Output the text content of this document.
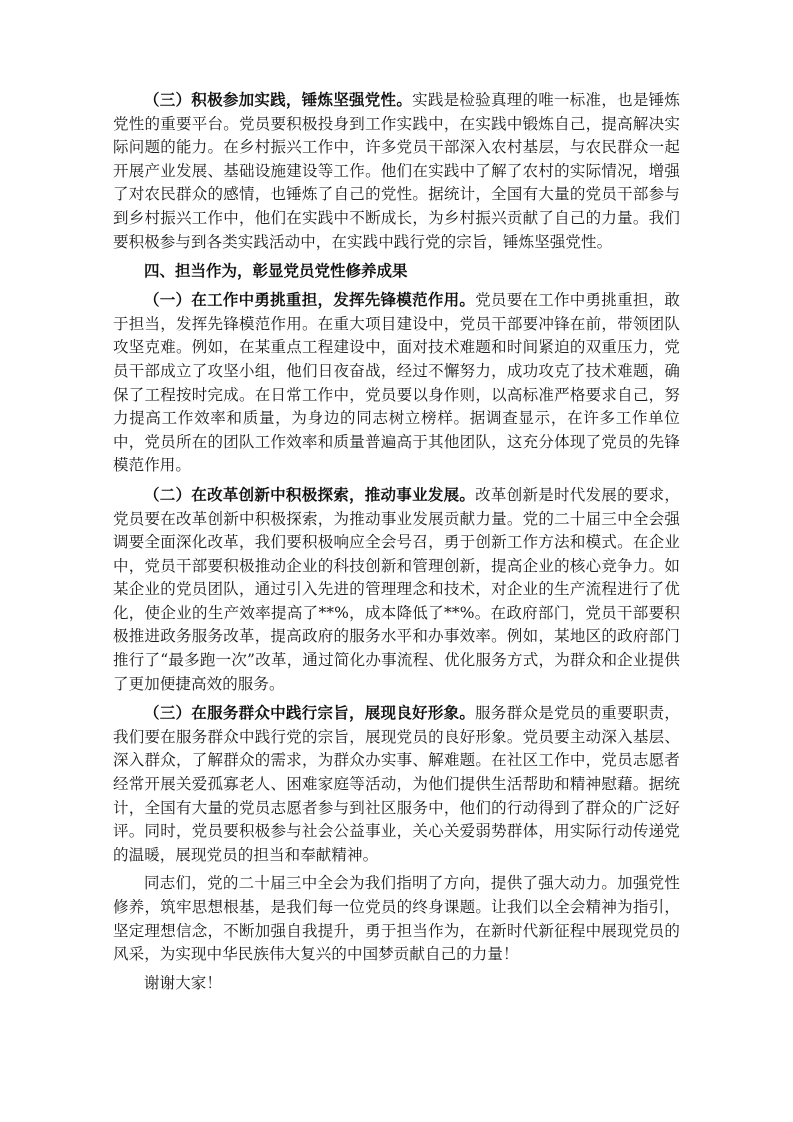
（三）积极参加实践，锤炼坚强党性。实践是检验真理的唯一标准，也是锤炼党性的重要平台。党员要积极投身到工作实践中，在实践中锻炼自己，提高解决实际问题的能力。在乡村振兴工作中，许多党员干部深入农村基层，与农民群众一起开展产业发展、基础设施建设等工作。他们在实践中了解了农村的实际情况，增强了对农民群众的感情，也锤炼了自己的党性。据统计，全国有大量的党员干部参与到乡村振兴工作中，他们在实践中不断成长，为乡村振兴贡献了自己的力量。我们要积极参与到各类实践活动中，在实践中践行党的宗旨，锤炼坚强党性。

四、担当作为，彰显党员党性修养成果

（一）在工作中勇挑重担，发挥先锋模范作用。党员要在工作中勇挑重担，敢于担当，发挥先锋模范作用。在重大项目建设中，党员干部要冲锋在前，带领团队攻坚克难。例如，在某重点工程建设中，面对技术难题和时间紧迫的双重压力，党员干部成立了攻坚小组，他们日夜奋战，经过不懈努力，成功攻克了技术难题，确保了工程按时完成。在日常工作中，党员要以身作则，以高标准严格要求自己，努力提高工作效率和质量，为身边的同志树立榜样。据调查显示，在许多工作单位中，党员所在的团队工作效率和质量普遍高于其他团队，这充分体现了党员的先锋模范作用。

（二）在改革创新中积极探索，推动事业发展。改革创新是时代发展的要求，党员要在改革创新中积极探索，为推动事业发展贡献力量。党的二十届三中全会强调要全面深化改革，我们要积极响应全会号召，勇于创新工作方法和模式。在企业中，党员干部要积极推动企业的科技创新和管理创新，提高企业的核心竞争力。如某企业的党员团队，通过引入先进的管理理念和技术，对企业的生产流程进行了优化，使企业的生产效率提高了**%，成本降低了**%。在政府部门，党员干部要积极推进政务服务改革，提高政府的服务水平和办事效率。例如，某地区的政府部门推行了“最多跑一次”改革，通过简化办事流程、优化服务方式，为群众和企业提供了更加便捷高效的服务。

（三）在服务群众中践行宗旨，展现良好形象。服务群众是党员的重要职责，我们要在服务群众中践行党的宗旨，展现党员的良好形象。党员要主动深入基层、深入群众，了解群众的需求，为群众办实事、解难题。在社区工作中，党员志愿者经常开展关爱孤寡老人、困难家庭等活动，为他们提供生活帮助和精神慰藉。据统计，全国有大量的党员志愿者参与到社区服务中，他们的行动得到了群众的广泛好评。同时，党员要积极参与社会公益事业，关心关爱弱势群体，用实际行动传递党的温暖，展现党员的担当和奉献精神。

同志们，党的二十届三中全会为我们指明了方向，提供了强大动力。加强党性修养，筑牢思想根基，是我们每一位党员的终身课题。让我们以全会精神为指引，坚定理想信念，不断加强自我提升，勇于担当作为，在新时代新征程中展现党员的风采，为实现中华民族伟大复兴的中国梦贡献自己的力量！

谢谢大家！
